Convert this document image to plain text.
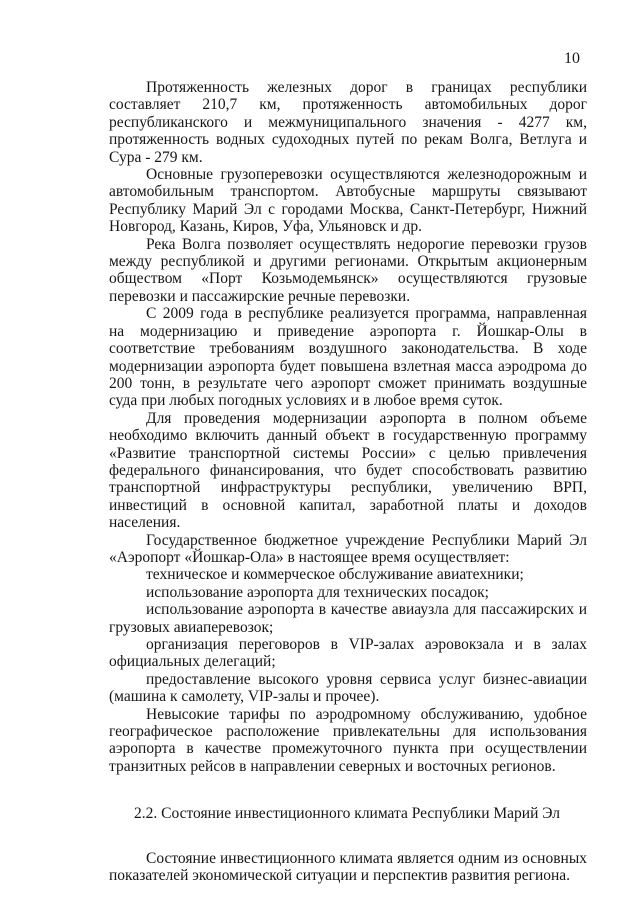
10

Протяженность железных дорог в границах республики составляет 210,7 км, протяженность автомобильных дорог республиканского и межмуниципального значения - 4277 км, протяженность водных судоходных путей по рекам Волга, Ветлуга и Сура - 279 км.

Основные грузоперевозки осуществляются железнодорожным и автомобильным транспортом. Автобусные маршруты связывают Республику Марий Эл с городами Москва, Санкт-Петербург, Нижний Новгород, Казань, Киров, Уфа, Ульяновск и др.

Река Волга позволяет осуществлять недорогие перевозки грузов между республикой и другими регионами. Открытым акционерным обществом «Порт Козьмодемьянск» осуществляются грузовые перевозки и пассажирские речные перевозки.

С 2009 года в республике реализуется программа, направленная на модернизацию и приведение аэропорта г. Йошкар-Олы в соответствие требованиям воздушного законодательства. В ходе модернизации аэропорта будет повышена взлетная масса аэродрома до 200 тонн, в результате чего аэропорт сможет принимать воздушные суда при любых погодных условиях и в любое время суток.

Для проведения модернизации аэропорта в полном объеме необходимо включить данный объект в государственную программу «Развитие транспортной системы России» с целью привлечения федерального финансирования, что будет способствовать развитию транспортной инфраструктуры республики, увеличению ВРП, инвестиций в основной капитал, заработной платы и доходов населения.

Государственное бюджетное учреждение Республики Марий Эл «Аэропорт «Йошкар-Ола» в настоящее время осуществляет:

техническое и коммерческое обслуживание авиатехники;

использование аэропорта для технических посадок;

использование аэропорта в качестве авиаузла для пассажирских и грузовых авиаперевозок;

организация переговоров в VIP-залах аэровокзала и в залах официальных делегаций;

предоставление высокого уровня сервиса услуг бизнес-авиации (машина к самолету, VIP-залы и прочее).

Невысокие тарифы по аэродромному обслуживанию, удобное географическое расположение привлекательны для использования аэропорта в качестве промежуточного пункта при осуществлении транзитных рейсов в направлении северных и восточных регионов.

2.2. Состояние инвестиционного климата Республики Марий Эл

Состояние инвестиционного климата является одним из основных показателей экономической ситуации и перспектив развития региона.
